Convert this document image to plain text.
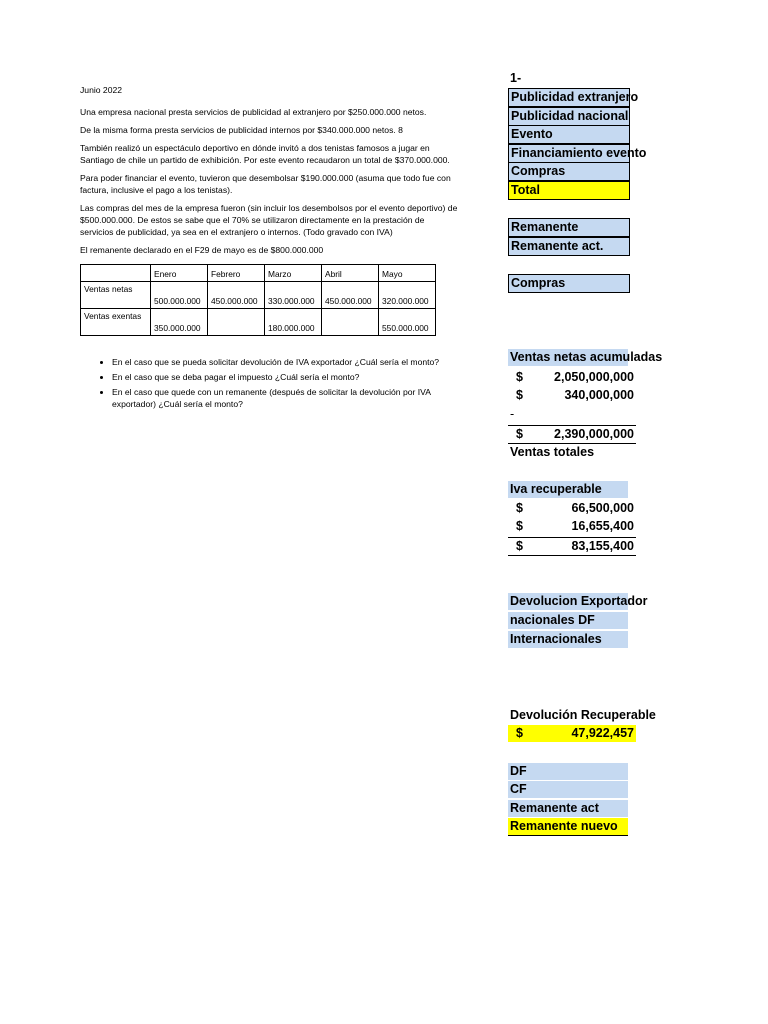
Junio 2022

Una empresa nacional presta servicios de publicidad al extranjero por $250.000.000 netos.

De la misma forma presta servicios de publicidad internos por $340.000.000 netos. 8

También realizó un espectáculo deportivo en dónde invitó a dos tenistas famosos a jugar en Santiago de chile un partido de exhibición. Por este evento recaudaron un total de $370.000.000.

Para poder financiar el evento, tuvieron que desembolsar $190.000.000 (asuma que todo fue con factura, inclusive el pago a los tenistas).

Las compras del mes de la empresa fueron (sin incluir los desembolsos por el evento deportivo) de $500.000.000. De estos se sabe que el 70% se utilizaron directamente en la prestación de servicios de publicidad, ya sea en el extranjero o internos. (Todo gravado con IVA)

El remanente declarado en el F29 de mayo es de $800.000.000

	Enero	Febrero	Marzo	Abril	Mayo
Ventas netas	500.000.000	450.000.000	330.000.000	450.000.000	320.000.000
Ventas exentas	350.000.000		180.000.000		550.000.000
• En el caso que se pueda solicitar devolución de IVA exportador ¿Cuál sería el monto?
• En el caso que se deba pagar el impuesto ¿Cuál sería el monto?
• En el caso que quede con un remanente (después de solicitar la devolución por IVA exportador) ¿Cuál sería el monto?
1-
Publicidad extranjero
Publicidad nacional
Evento
Financiamiento evento
Compras
Total
Remanente
Remanente act.
Compras
Ventas netas acumuladas
$ 2,050,000,000
$	340,000,000
-
$ 2,390,000,000
Ventas totales
Iva recuperable
$	66,500,000
$	16,655,400
$	83,155,400
Devolucion Exportador
nacionales DF
Internacionales
Devolución Recuperable
$	47,922,457
DF
CF
Remanente act
Remanente nuevo
